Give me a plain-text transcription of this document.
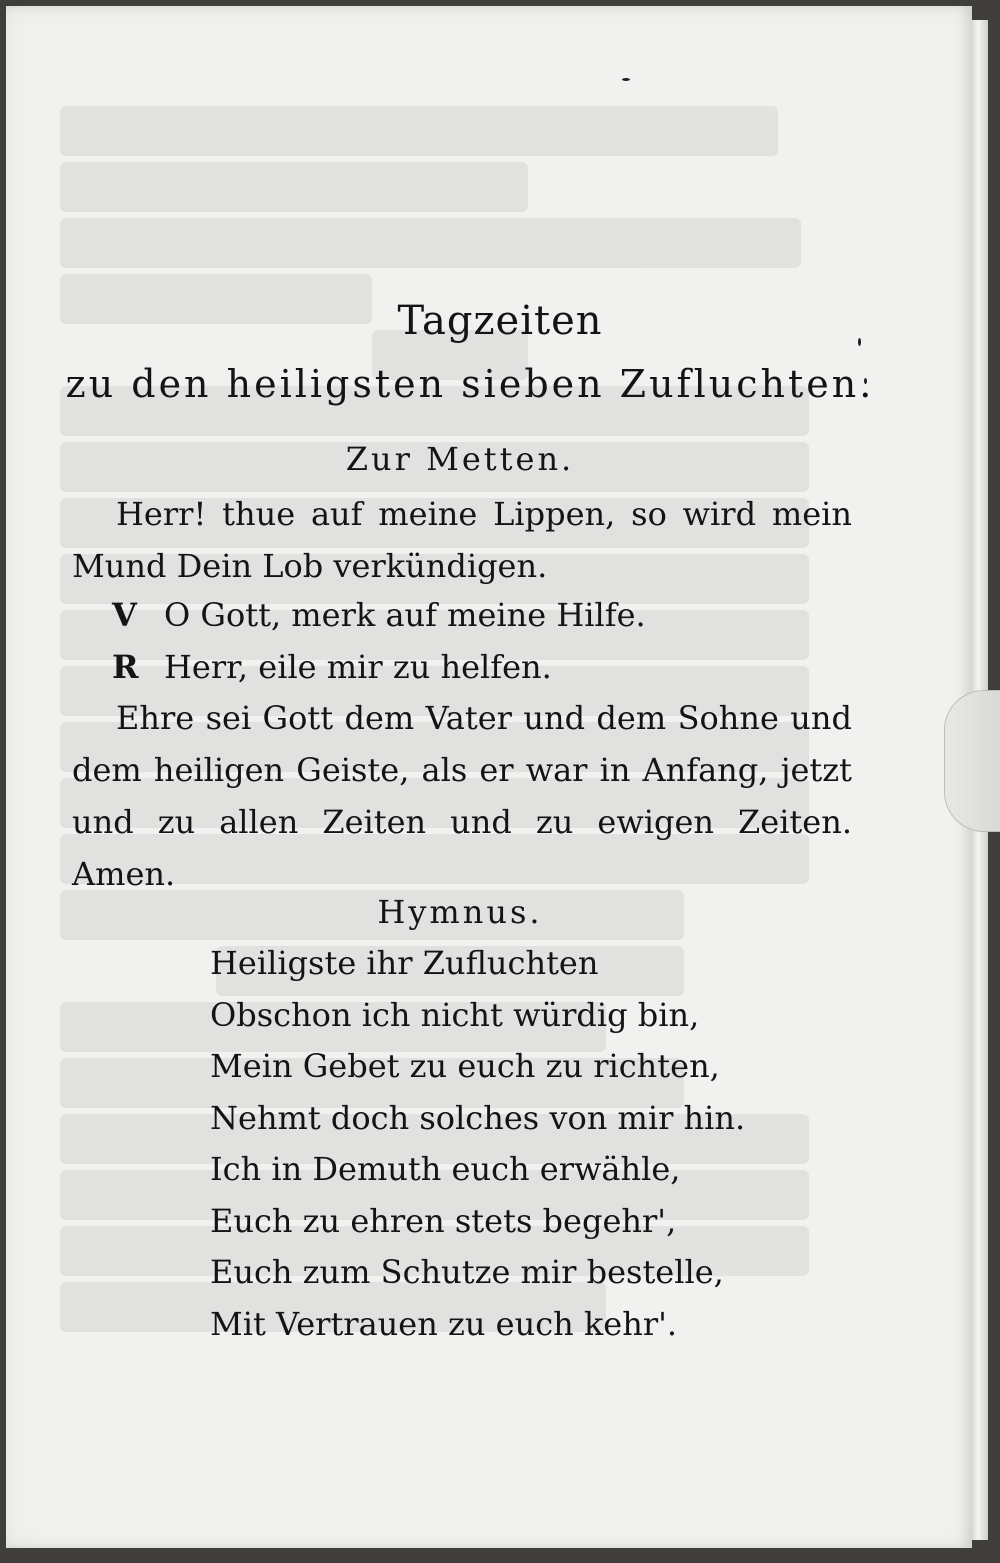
Tagzeiten
zu den heiligsten sieben Zufluchten.
Zur Metten.
Herr! thue auf meine Lippen, so wird mein Mund Dein Lob verkündigen.
V O Gott, merk auf meine Hilfe.
R Herr, eile mir zu helfen.
Ehre sei Gott dem Vater und dem Sohne und dem heiligen Geiste, als er war in Anfang, jetzt und zu allen Zeiten und zu ewigen Zeiten. Amen.
Hymnus.
Heiligste ihr Zufluchten
Obschon ich nicht würdig bin,
Mein Gebet zu euch zu richten,
Nehmt doch solches von mir hin.
Ich in Demuth euch erwähle,
Euch zu ehren stets begehr',
Euch zum Schutze mir bestelle,
Mit Vertrauen zu euch kehr'.
